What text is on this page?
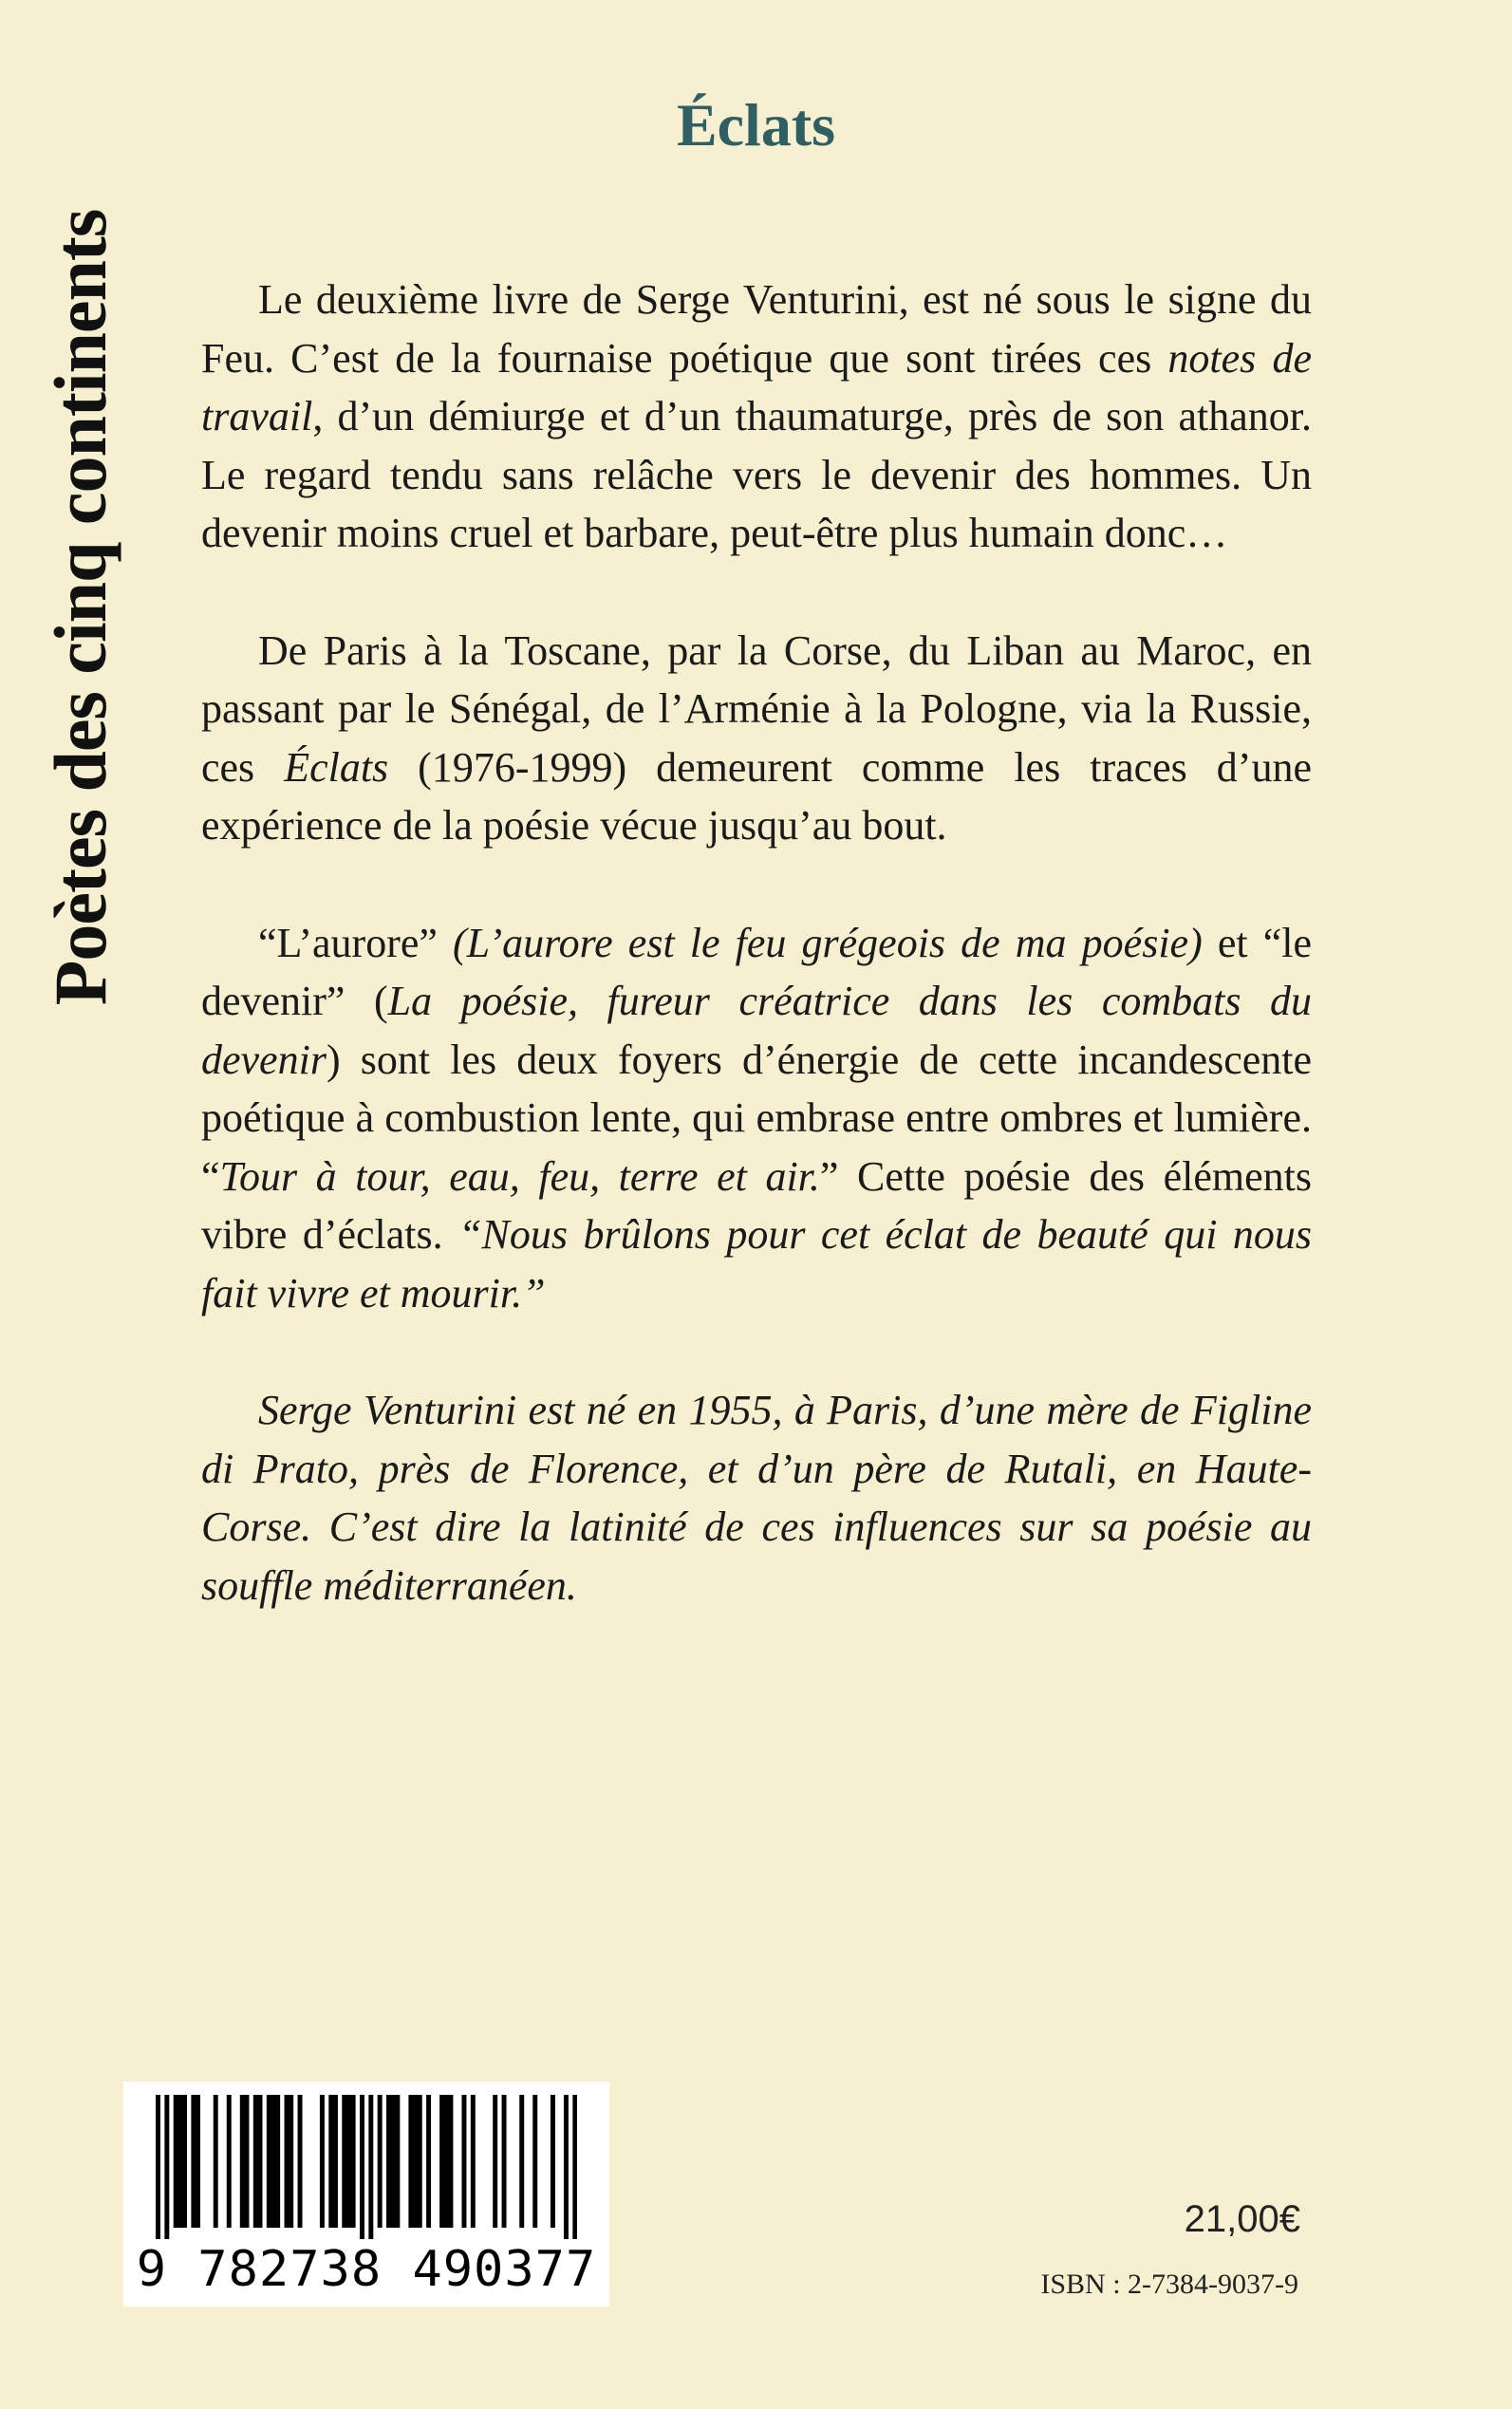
Poètes des cinq continents
Éclats

Le deuxième livre de Serge Venturini, est né sous le signe du Feu. C’est de la fournaise poétique que sont tirées ces notes de travail, d’un démiurge et d’un thaumaturge, près de son athanor. Le regard tendu sans relâche vers le devenir des hommes. Un devenir moins cruel et barbare, peut-être plus humain donc…

De Paris à la Toscane, par la Corse, du Liban au Maroc, en passant par le Sénégal, de l’Arménie à la Pologne, via la Russie, ces Éclats (1976-1999) demeurent comme les traces d’une expérience de la poésie vécue jusqu’au bout.

“L’aurore” (L’aurore est le feu grégeois de ma poésie) et “le devenir” (La poésie, fureur créatrice dans les combats du devenir) sont les deux foyers d’énergie de cette incandescente poétique à combustion lente, qui embrase entre ombres et lumière. “Tour à tour, eau, feu, terre et air.” Cette poésie des éléments vibre d’éclats. “Nous brûlons pour cet éclat de beauté qui nous fait vivre et mourir.”

Serge Venturini est né en 1955, à Paris, d’une mère de Figline di Prato, près de Florence, et d’un père de Rutali, en Haute-Corse. C’est dire la latinité de ces influences sur sa poésie au souffle méditerranéen.

9 782738 490377
21,00€
ISBN : 2-7384-9037-9
